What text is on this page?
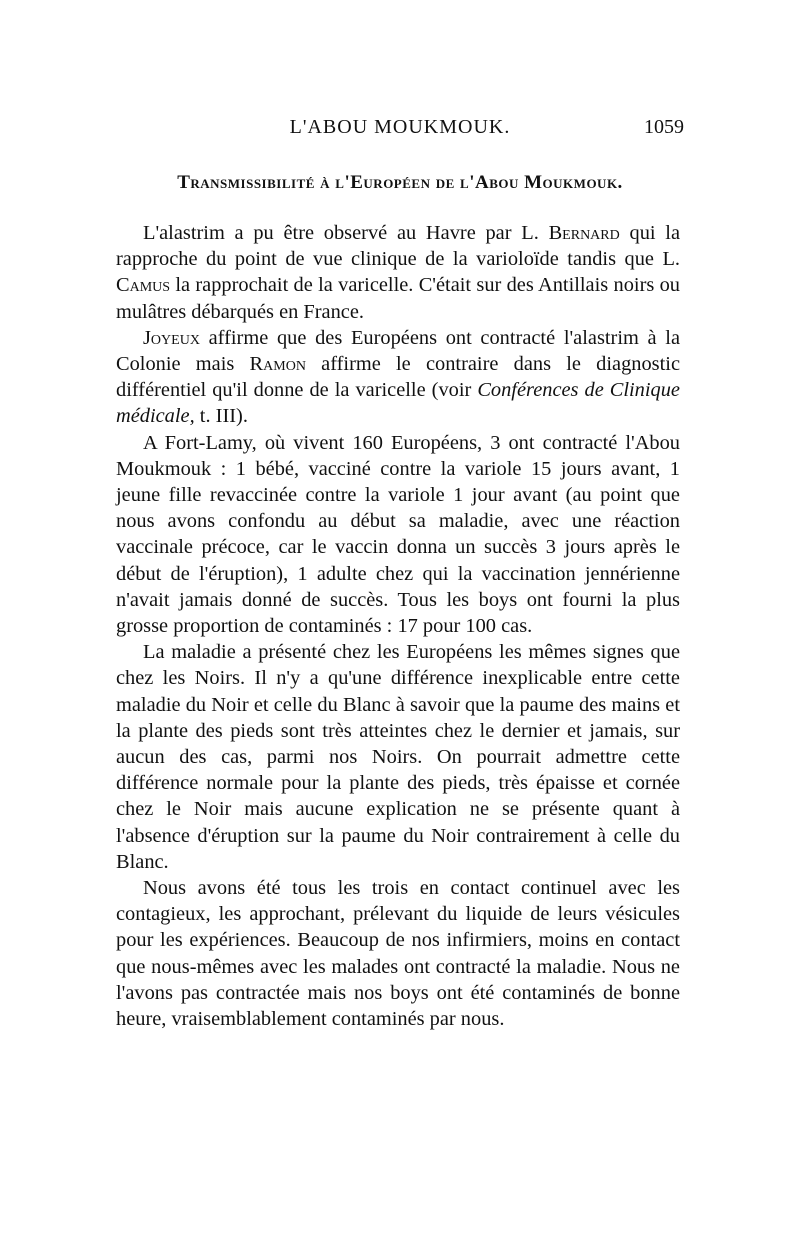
L'ABOU MOUKMOUK.	1059
Transmissibilité à l'Européen de l'Abou Moukmouk.

L'alastrim a pu être observé au Havre par L. Bernard qui la rapproche du point de vue clinique de la varioloïde tandis que L. Camus la rapprochait de la varicelle. C'était sur des Antillais noirs ou mulâtres débarqués en France.

Joyeux affirme que des Européens ont contracté l'alastrim à la Colonie mais Ramon affirme le contraire dans le diagnostic différentiel qu'il donne de la varicelle (voir Conférences de Clinique médicale, t. III).

A Fort-Lamy, où vivent 160 Européens, 3 ont contracté l'Abou Moukmouk : 1 bébé, vacciné contre la variole 15 jours avant, 1 jeune fille revaccinée contre la variole 1 jour avant (au point que nous avons confondu au début sa maladie, avec une réaction vaccinale précoce, car le vaccin donna un succès 3 jours après le début de l'éruption), 1 adulte chez qui la vaccination jennérienne n'avait jamais donné de succès. Tous les boys ont fourni la plus grosse proportion de contaminés : 17 pour 100 cas.

La maladie a présenté chez les Européens les mêmes signes que chez les Noirs. Il n'y a qu'une différence inexplicable entre cette maladie du Noir et celle du Blanc à savoir que la paume des mains et la plante des pieds sont très atteintes chez le dernier et jamais, sur aucun des cas, parmi nos Noirs. On pourrait admettre cette différence normale pour la plante des pieds, très épaisse et cornée chez le Noir mais aucune explication ne se présente quant à l'absence d'éruption sur la paume du Noir contrairement à celle du Blanc.

Nous avons été tous les trois en contact continuel avec les contagieux, les approchant, prélevant du liquide de leurs vésicules pour les expériences. Beaucoup de nos infirmiers, moins en contact que nous-mêmes avec les malades ont contracté la maladie. Nous ne l'avons pas contractée mais nos boys ont été contaminés de bonne heure, vraisemblablement contaminés par nous.
